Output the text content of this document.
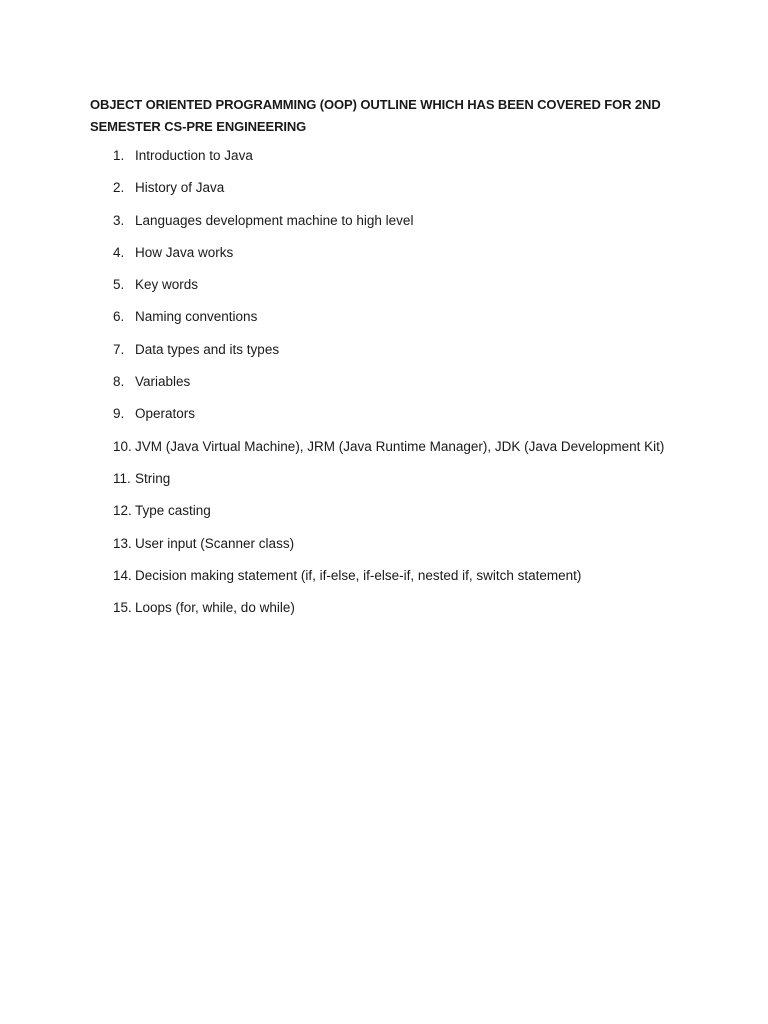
OBJECT ORIENTED PROGRAMMING (OOP) OUTLINE WHICH HAS BEEN COVERED FOR 2ND SEMESTER CS-PRE ENGINEERING
1. Introduction to Java
2. History of Java
3. Languages development machine to high level
4. How Java works
5. Key words
6. Naming conventions
7. Data types and its types
8. Variables
9. Operators
10. JVM (Java Virtual Machine), JRM (Java Runtime Manager), JDK (Java Development Kit)
11. String
12. Type casting
13. User input (Scanner class)
14. Decision making statement (if, if-else, if-else-if, nested if, switch statement)
15. Loops (for, while, do while)
